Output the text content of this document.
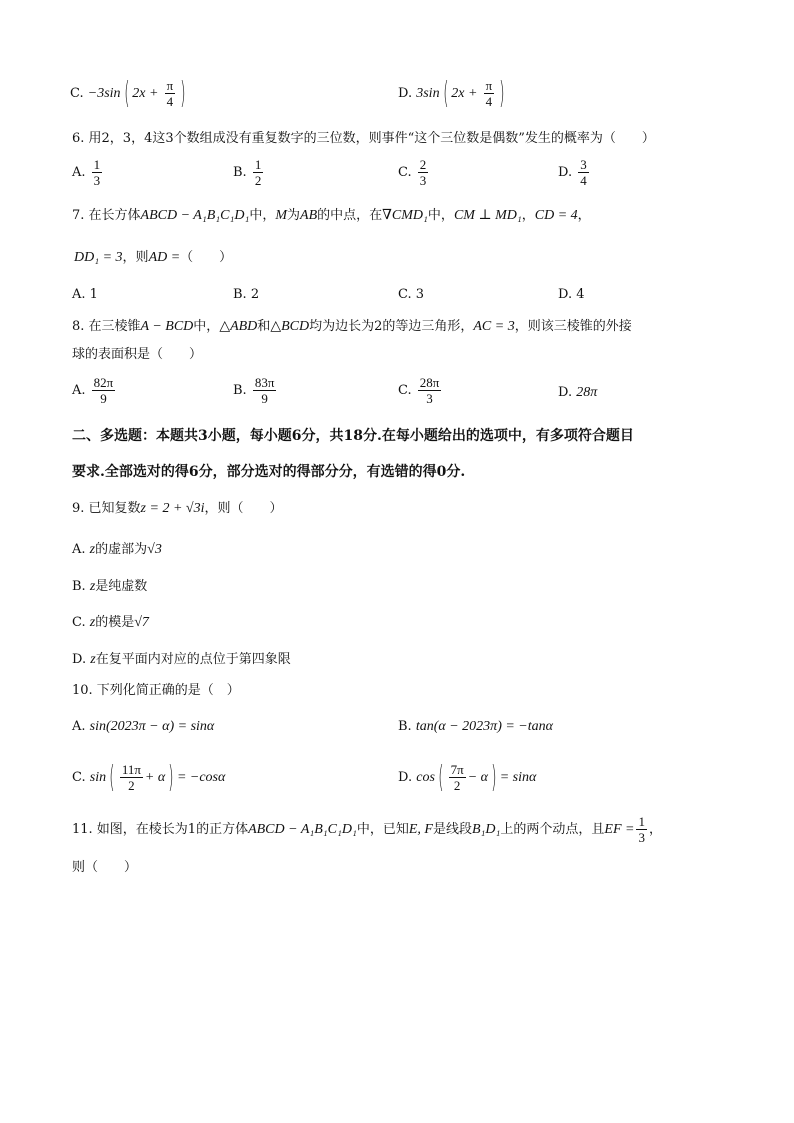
C. −3sin ( $2x + \frac{\pi}{4}$ )	D. 3sin ( $2x + \frac{\pi}{4}$ )
6. 用2，3，4这3个数组成没有重复数字的三位数，则事件“这个三位数是偶数”发生的概率为（　　）
A. $\frac{1}{3}$	B. $\frac{1}{2}$	C. $\frac{2}{3}$	D. $\frac{3}{4}$
7. 在长方体ABCD − A₁B₁C₁D₁中，M为AB的中点，在∇CMD₁中，CM ⊥ MD₁，CD = 4，
DD₁ = 3，则AD =（　　）
A. 1	B. 2	C. 3	D. 4
8. 在三棱锥A − BCD中，△ABD和△BCD均为边长为2的等边三角形，AC = 3，则该三棱锥的外接
球的表面积是（　　）
A. $\frac{82\pi}{9}$	B. $\frac{83\pi}{9}$	C. $\frac{28\pi}{3}$	D. 28π
二、多选题：本题共3小题，每小题6分，共18分.在每小题给出的选项中，有多项符合题目
要求.全部选对的得6分，部分选对的得部分分，有选错的得0分.
9. 已知复数z = 2 + √3i，则（　　）
A. z的虚部为√3
B. z是纯虚数
C. z的模是√7
D. z在复平面内对应的点位于第四象限
10. 下列化简正确的是（　）
A. sin(2023π − α) = sinα	B. tan(α − 2023π) = −tanα
C. sin ( $\frac{11\pi}{2} + \alpha$ ) = −cosα	D. cos ( $\frac{7\pi}{2} - \alpha$ ) = sinα
11. 如图，在棱长为1的正方体ABCD − A₁B₁C₁D₁中，已知E, F是线段B₁D₁上的两个动点，且EF = $\frac{1}{3}$ ，
则（　　）
